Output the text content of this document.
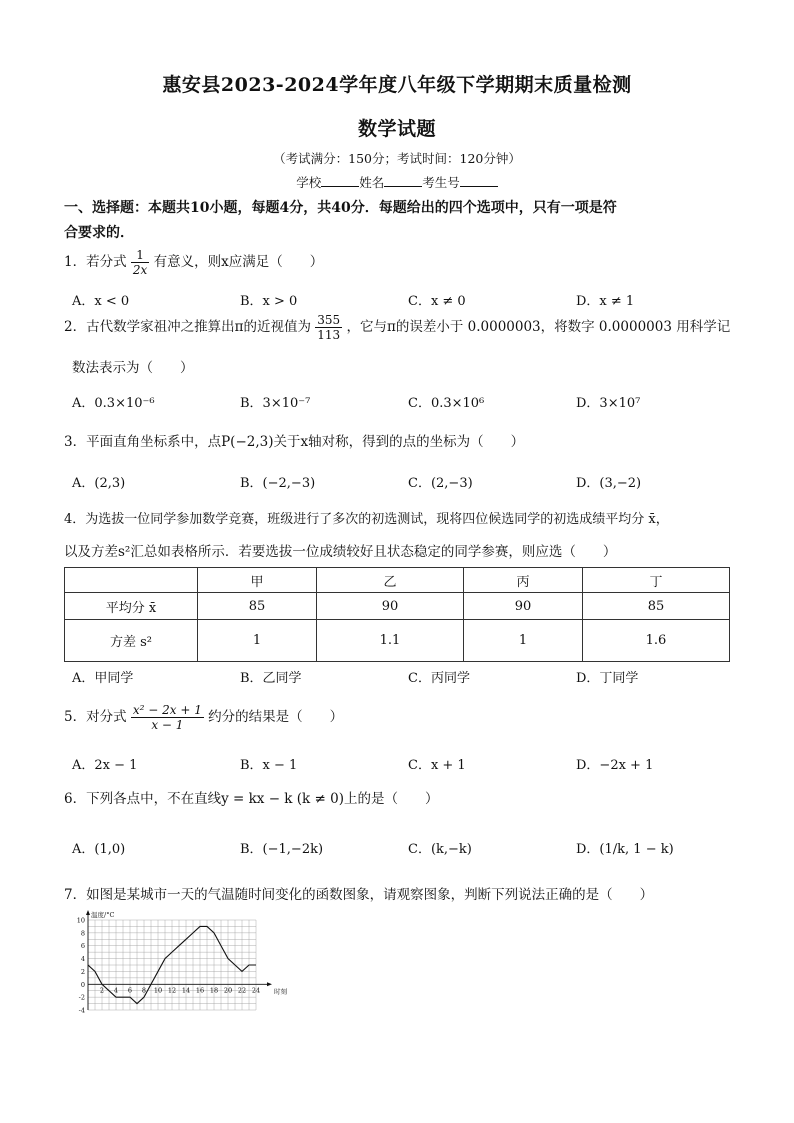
惠安县2023-2024学年度八年级下学期期末质量检测
数学试题
（考试满分：150分；考试时间：120分钟）
学校	姓名	考生号
一、选择题：本题共10小题，每题4分，共40分．每题给出的四个选项中，只有一项是符
合要求的．
1．若分式 $\frac{1}{2x}$ 有意义，则x应满足（　　）
A．x < 0	B．x > 0	C．x ≠ 0	D．x ≠ 1
2．古代数学家祖冲之推算出π的近视值为 $\frac{355}{113}$ ，它与π的误差小于 0.0000003，将数字 0.0000003 用科学记
数法表示为（　　）
A．0.3×10⁻⁶	B．3×10⁻⁷	C．0.3×10⁶	D．3×10⁷
3．平面直角坐标系中，点P(−2,3)关于x轴对称，得到的点的坐标为（　　）
A．(2,3)	B．(−2,−3)	C．(2,−3)	D．(3,−2)
4．为选拔一位同学参加数学竞赛，班级进行了多次的初选测试，现将四位候选同学的初选成绩平均分 x̄，
以及方差s²汇总如表格所示．若要选拔一位成绩较好且状态稳定的同学参赛，则应选（　　）
	甲	乙	丙	丁
平均分 x̄	85	90	90	85
方差 s²	1	1.1	1	1.6
A．甲同学	B．乙同学	C．丙同学	D．丁同学
5．对分式 $\frac{\text{x² − 2x + 1}}{x - 1}$ 约分的结果是（　　）
A．2x − 1	B．x − 1	C．x + 1	D．−2x + 1
6．下列各点中，不在直线y = kx − k (k ≠ 0)上的是（　　）
A．(1,0)	B．(−1,−2k)	C．(k,−k)	D．(1/k, 1 − k)
7．如图是某城市一天的气温随时间变化的函数图象，请观察图象，判断下列说法正确的是（　　）
10
8
6
4
2
0
-2
-4
2 4 6 8 10 12 14 16 18 20 22 24
温度/°C
时刻
